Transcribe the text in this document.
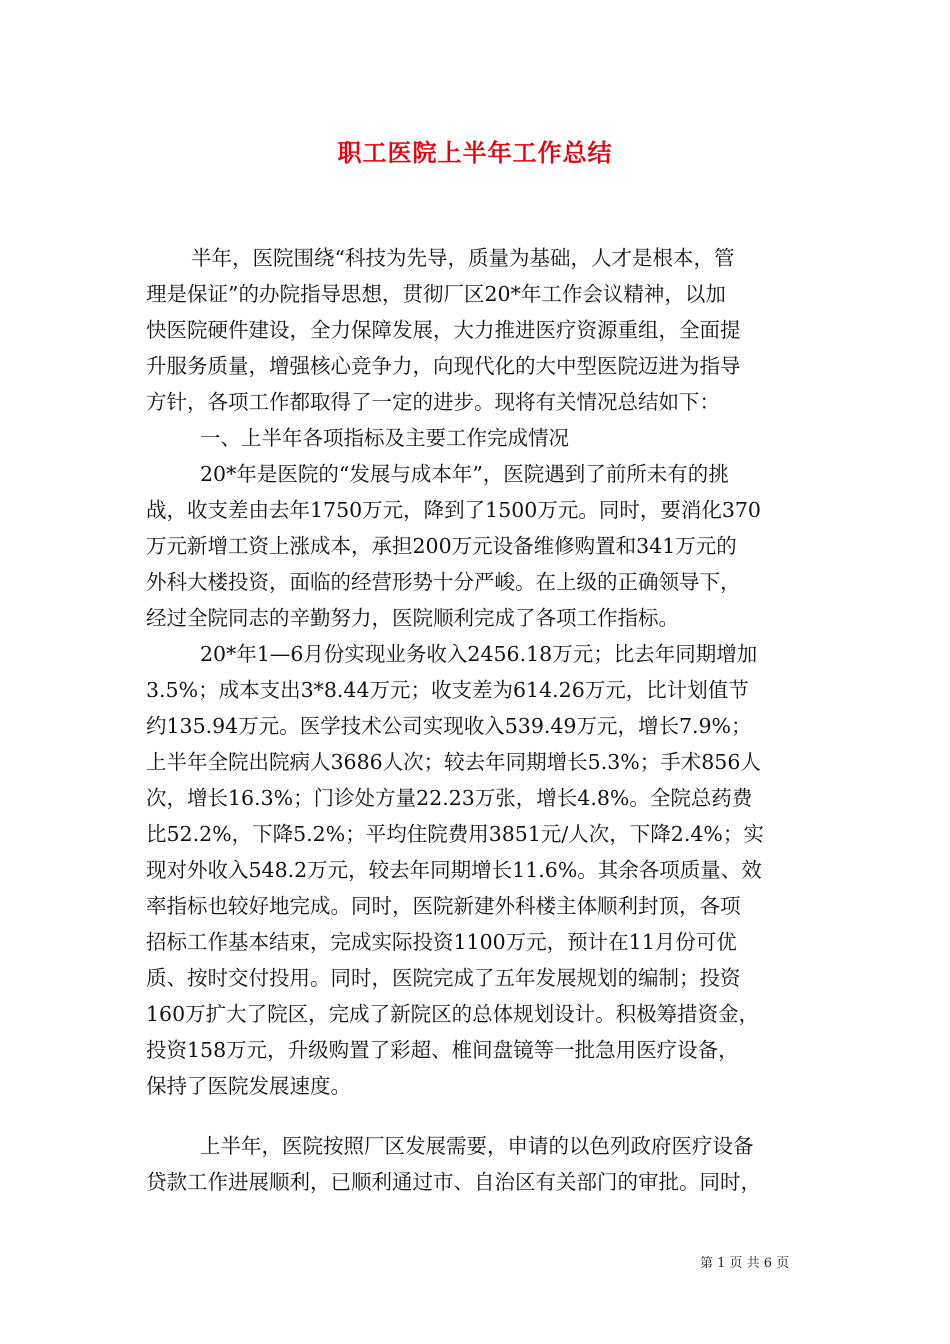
职工医院上半年工作总结
半年，医院围绕“科技为先导，质量为基础，人才是根本，管
理是保证”的办院指导思想，贯彻厂区20*年工作会议精神，以加
快医院硬件建设，全力保障发展，大力推进医疗资源重组，全面提
升服务质量，增强核心竞争力，向现代化的大中型医院迈进为指导
方针，各项工作都取得了一定的进步。现将有关情况总结如下：
一、上半年各项指标及主要工作完成情况
20*年是医院的“发展与成本年”，医院遇到了前所未有的挑
战，收支差由去年1750万元，降到了1500万元。同时，要消化370
万元新增工资上涨成本，承担200万元设备维修购置和341万元的
外科大楼投资，面临的经营形势十分严峻。在上级的正确领导下，
经过全院同志的辛勤努力，医院顺利完成了各项工作指标。
20*年1—6月份实现业务收入2456.18万元；比去年同期增加
3.5%；成本支出3*8.44万元；收支差为614.26万元，比计划值节
约135.94万元。医学技术公司实现收入539.49万元，增长7.9%；
上半年全院出院病人3686人次；较去年同期增长5.3%；手术856人
次，增长16.3%；门诊处方量22.23万张，增长4.8%。全院总药费
比52.2%，下降5.2%；平均住院费用3851元/人次，下降2.4%；实
现对外收入548.2万元，较去年同期增长11.6%。其余各项质量、效
率指标也较好地完成。同时，医院新建外科楼主体顺利封顶，各项
招标工作基本结束，完成实际投资1100万元，预计在11月份可优
质、按时交付投用。同时，医院完成了五年发展规划的编制；投资
160万扩大了院区，完成了新院区的总体规划设计。积极筹措资金，
投资158万元，升级购置了彩超、椎间盘镜等一批急用医疗设备，
保持了医院发展速度。
上半年，医院按照厂区发展需要，申请的以色列政府医疗设备
贷款工作进展顺利，已顺利通过市、自治区有关部门的审批。同时，
第 1 页 共 6 页
